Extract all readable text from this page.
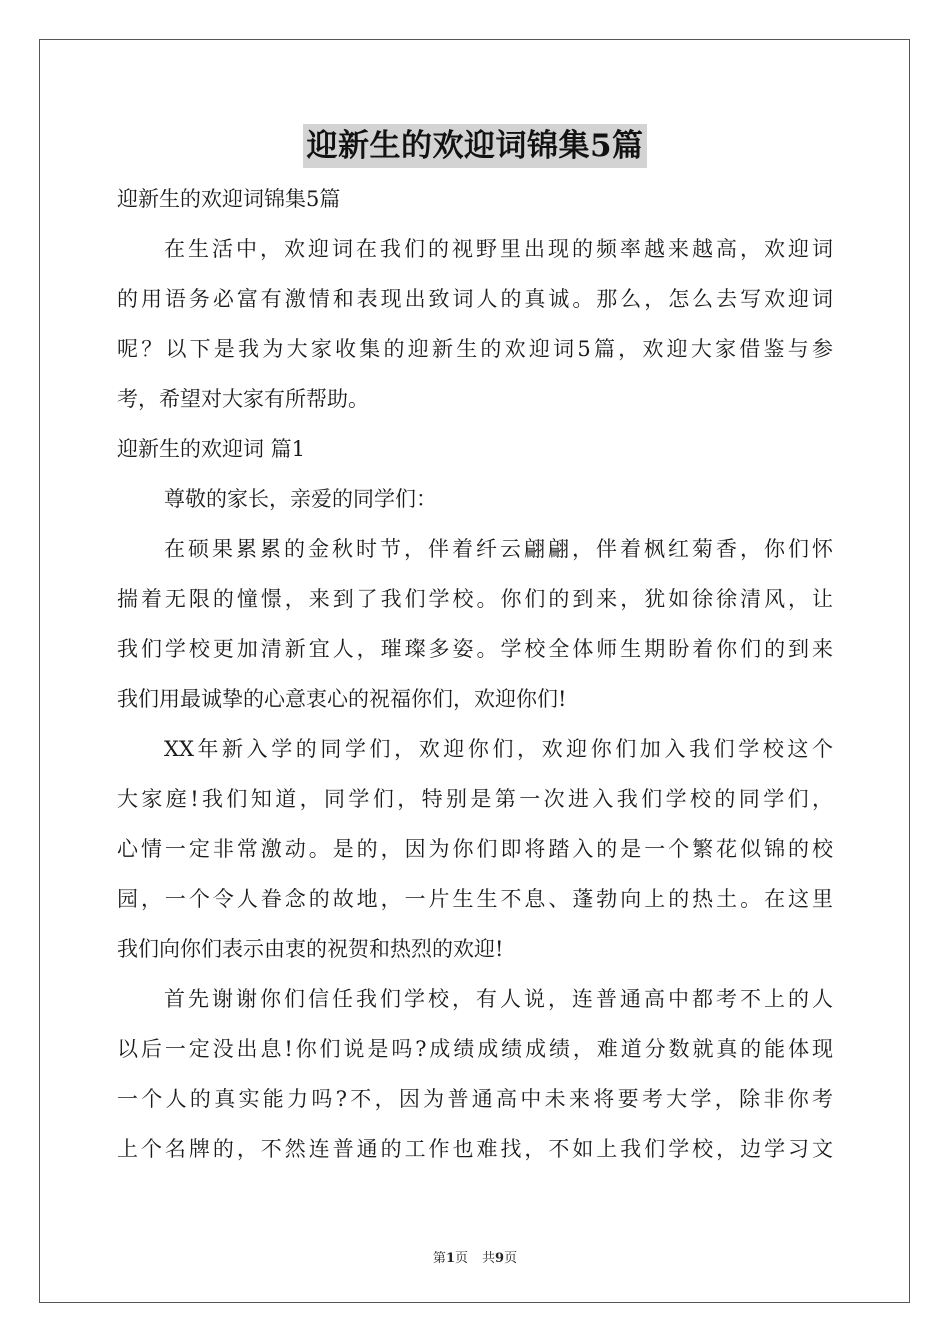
迎新生的欢迎词锦集5篇
迎新生的欢迎词锦集5篇
在生活中，欢迎词在我们的视野里出现的频率越来越高，欢迎词
的用语务必富有激情和表现出致词人的真诚。那么，怎么去写欢迎词
呢？以下是我为大家收集的迎新生的欢迎词5篇，欢迎大家借鉴与参
考，希望对大家有所帮助。
迎新生的欢迎词 篇1
尊敬的家长，亲爱的同学们：
在硕果累累的金秋时节，伴着纤云翩翩，伴着枫红菊香，你们怀
揣着无限的憧憬，来到了我们学校。你们的到来，犹如徐徐清风，让
我们学校更加清新宜人，璀璨多姿。学校全体师生期盼着你们的到来
我们用最诚挚的心意衷心的祝福你们，欢迎你们!
XX年新入学的同学们，欢迎你们，欢迎你们加入我们学校这个
大家庭!我们知道，同学们，特别是第一次进入我们学校的同学们，
心情一定非常激动。是的，因为你们即将踏入的是一个繁花似锦的校
园，一个令人眷念的故地，一片生生不息、蓬勃向上的热土。在这里
我们向你们表示由衷的祝贺和热烈的欢迎!
首先谢谢你们信任我们学校，有人说，连普通高中都考不上的人
以后一定没出息!你们说是吗?成绩成绩成绩，难道分数就真的能体现
一个人的真实能力吗?不，因为普通高中未来将要考大学，除非你考
上个名牌的，不然连普通的工作也难找，不如上我们学校，边学习文
第1页 共9页
